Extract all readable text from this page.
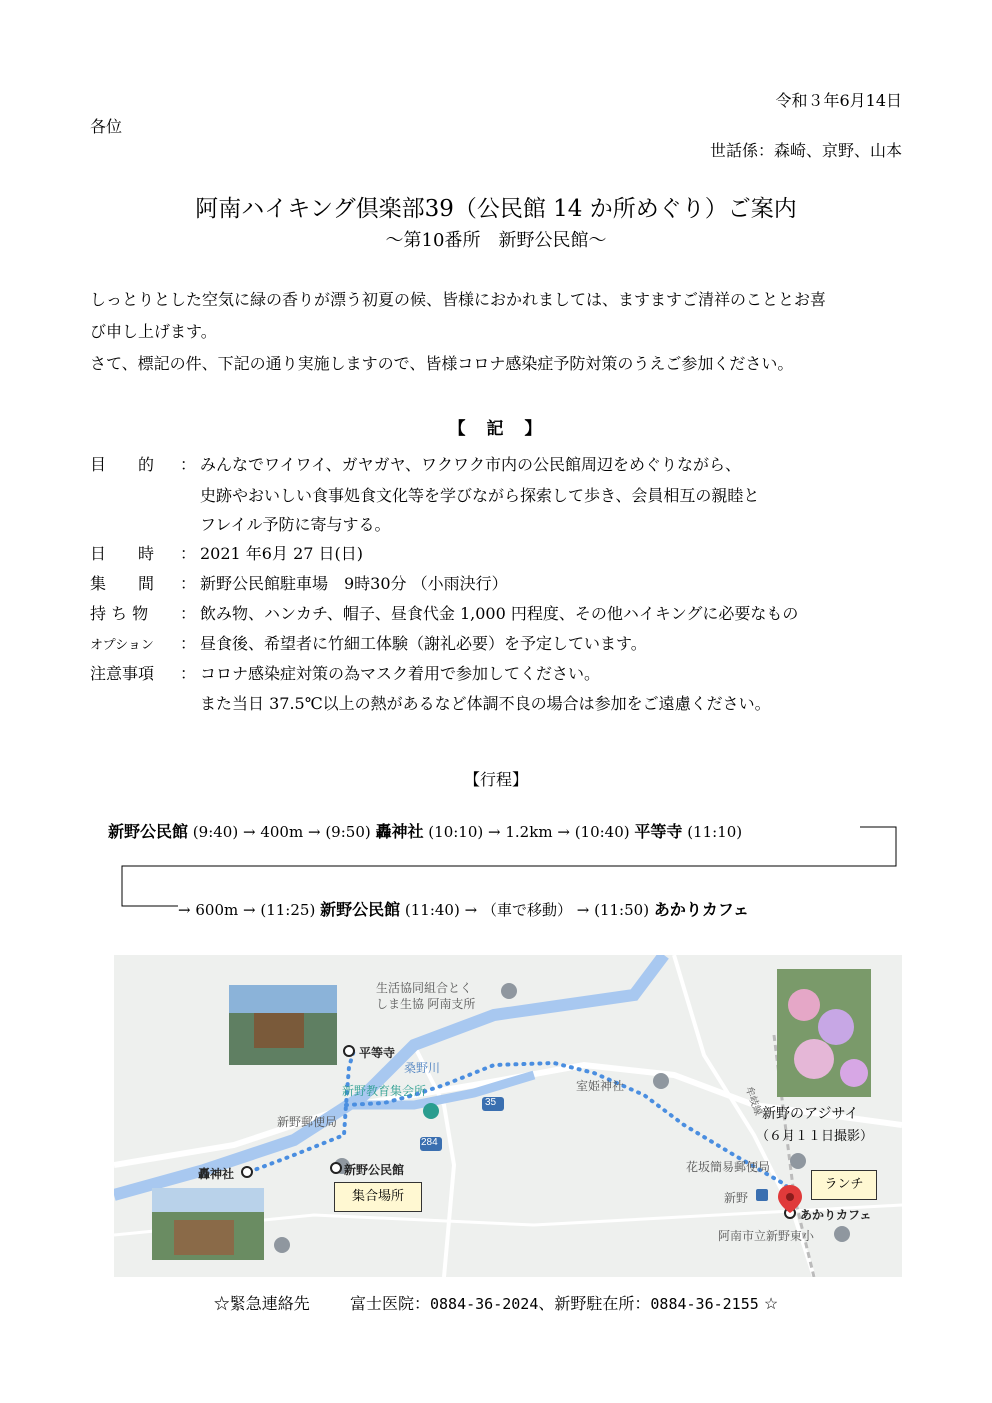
令和３年6月14日
各位
世話係：森崎、京野、山本
阿南ハイキング倶楽部39（公民館 14 か所めぐり）ご案内
～第10番所　新野公民館～
しっとりとした空気に緑の香りが漂う初夏の候、皆様におかれましては、ますますご清祥のこととお喜
び申し上げます。
さて、標記の件、下記の通り実施しますので、皆様コロナ感染症予防対策のうえご参加ください。
【　記　】
目　　的 ： みんなでワイワイ、ガヤガヤ、ワクワク市内の公民館周辺をめぐりながら、
史跡やおいしい食事処食文化等を学びながら探索して歩き、会員相互の親睦と
フレイル予防に寄与する。
日　　時 ： 2021 年6月 27 日(日)
集　　間 ： 新野公民館駐車場　9時30分 （小雨決行）
持 ち 物 ： 飲み物、ハンカチ、帽子、昼食代金 1,000 円程度、その他ハイキングに必要なもの
オプション ： 昼食後、希望者に竹細工体験（謝礼必要）を予定しています。
注意事項 ： コロナ感染症対策の為マスク着用で参加してください。
また当日 37.5℃以上の熱があるなど体調不良の場合は参加をご遠慮ください。
【行程】
新野公民館 (9:40) → 400m → (9:50) 轟神社 (10:10) → 1.2km → (10:40) 平等寺 (11:10)
→ 600m → (11:25) 新野公民館 (11:40) → （車で移動） → (11:50) あかりカフェ
生活協同組合とく
しま生協 阿南支所
平等寺
桑野川
新野教育集会所
新野郵便局
轟神社	新野公民館
集合場所
室姫神社
35
284
新野のアジサイ
（６月１１日撮影）
花坂簡易郵便局
新野
牟岐線
ランチ
あかりカフェ
阿南市立新野東小
☆緊急連絡先	富士医院：0884-36-2024、新野駐在所：0884-36-2155 ☆
